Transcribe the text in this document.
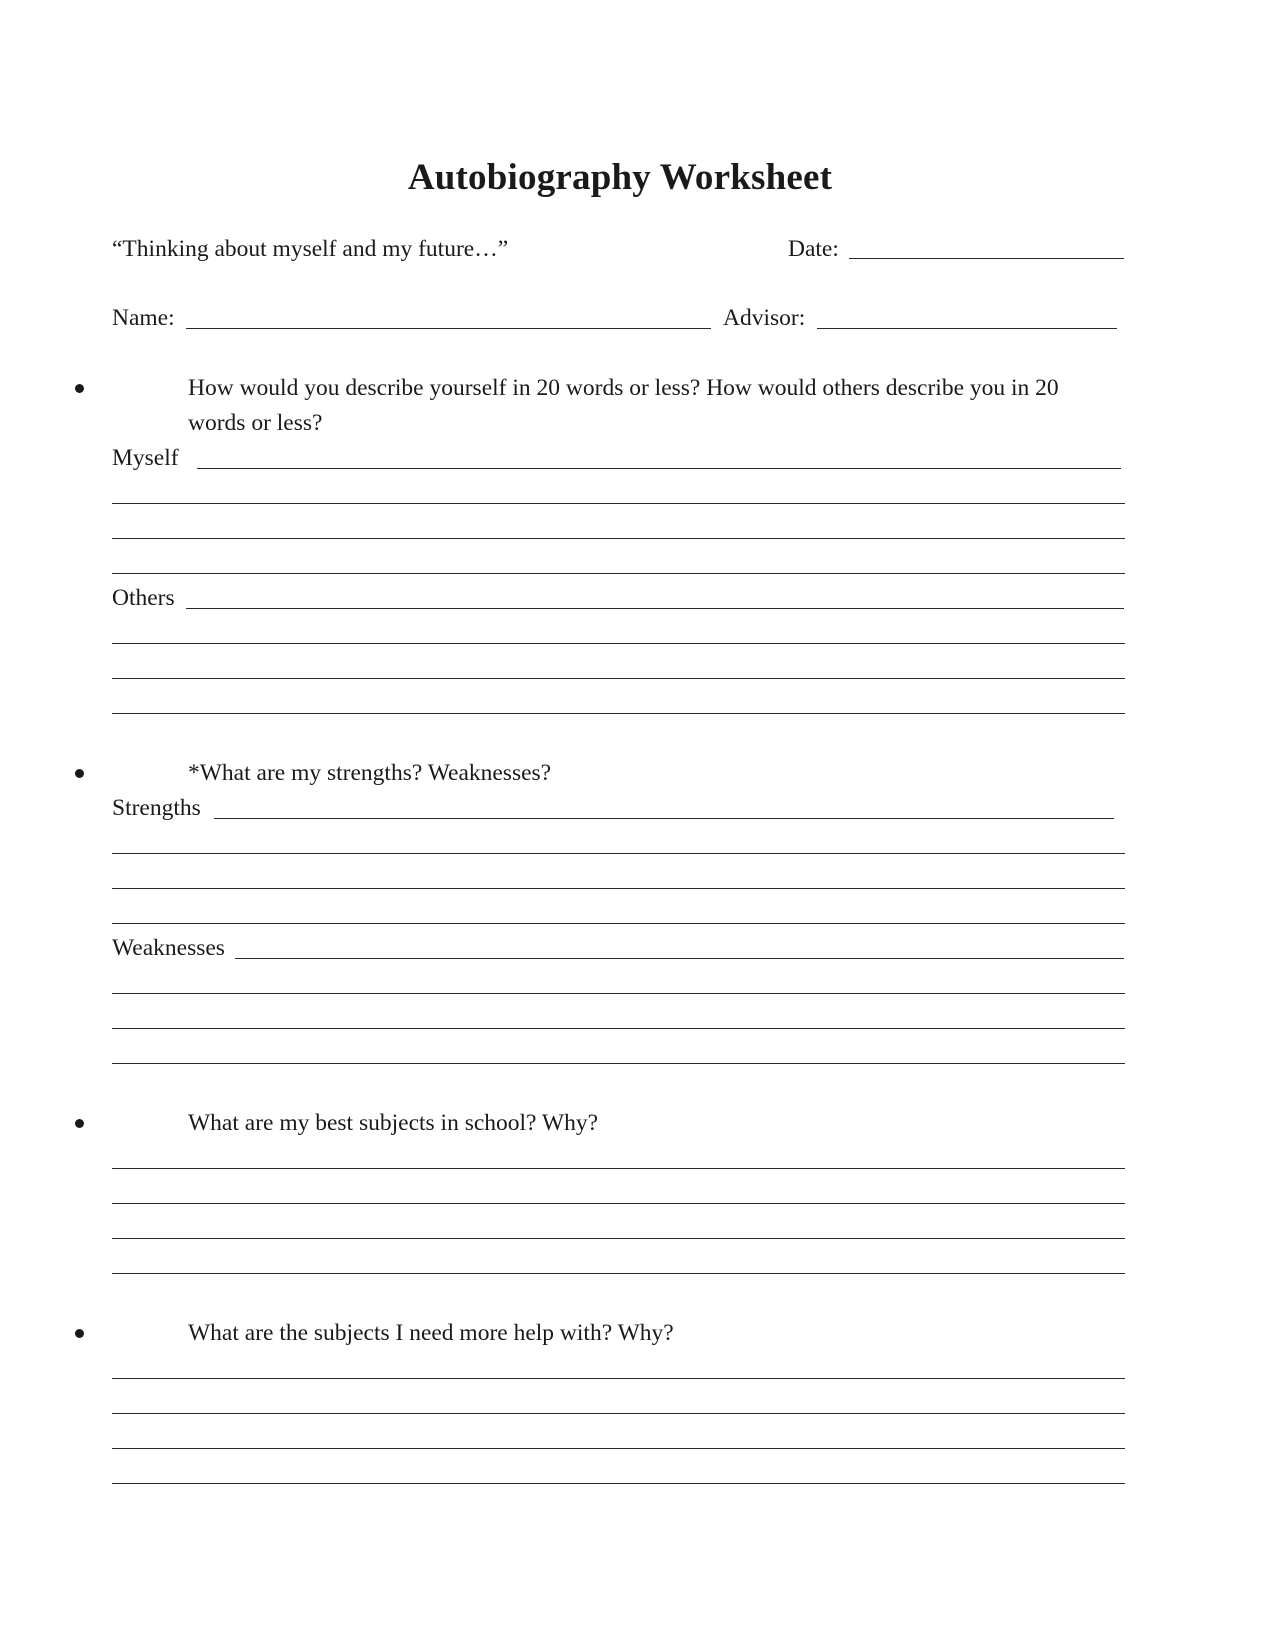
Autobiography Worksheet
“Thinking about myself and my future…”	Date:
Name:	Advisor:
How would you describe yourself in 20 words or less? How would others describe you in 20
words or less?
Myself
Others
*What are my strengths? Weaknesses?
Strengths
Weaknesses
What are my best subjects in school? Why?
What are the subjects I need more help with? Why?
